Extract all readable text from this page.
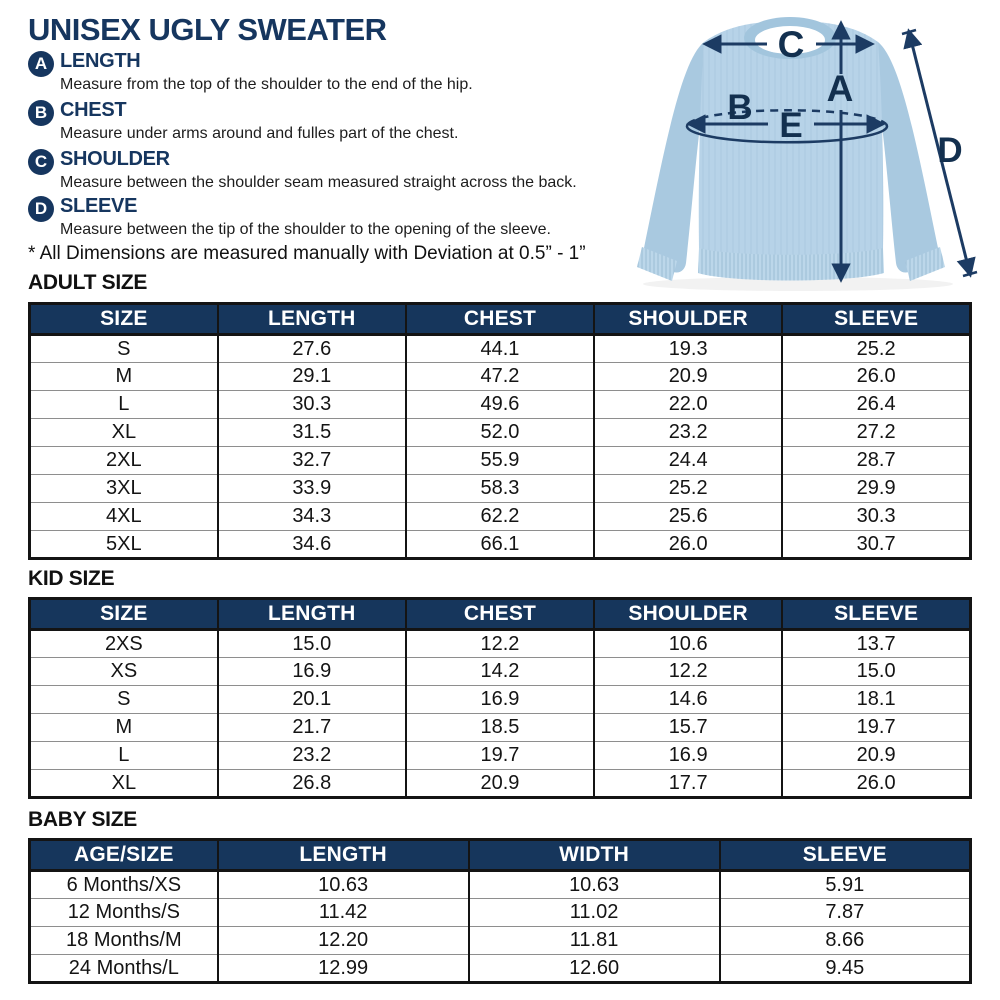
UNISEX UGLY SWEATER
A LENGTH
Measure from the top of the shoulder to the end of the hip.
B CHEST
Measure under arms around and fulles part of the chest.
C SHOULDER
Measure between the shoulder seam measured straight across the back.
D SLEEVE
Measure between the tip of the shoulder to the opening of the sleeve.
* All Dimensions are measured manually with Deviation at 0.5” - 1”
C
A
B E
D
ADULT SIZE
SIZE	LENGTH	CHEST	SHOULDER	SLEEVE
S	27.6	44.1	19.3	25.2
M	29.1	47.2	20.9	26.0
L	30.3	49.6	22.0	26.4
XL	31.5	52.0	23.2	27.2
2XL	32.7	55.9	24.4	28.7
3XL	33.9	58.3	25.2	29.9
4XL	34.3	62.2	25.6	30.3
5XL	34.6	66.1	26.0	30.7
KID SIZE
SIZE	LENGTH	CHEST	SHOULDER	SLEEVE
2XS	15.0	12.2	10.6	13.7
XS	16.9	14.2	12.2	15.0
S	20.1	16.9	14.6	18.1
M	21.7	18.5	15.7	19.7
L	23.2	19.7	16.9	20.9
XL	26.8	20.9	17.7	26.0
BABY SIZE
AGE/SIZE	LENGTH	WIDTH	SLEEVE
6 Months/XS	10.63	10.63	5.91
12 Months/S	11.42	11.02	7.87
18 Months/M	12.20	11.81	8.66
24 Months/L	12.99	12.60	9.45
